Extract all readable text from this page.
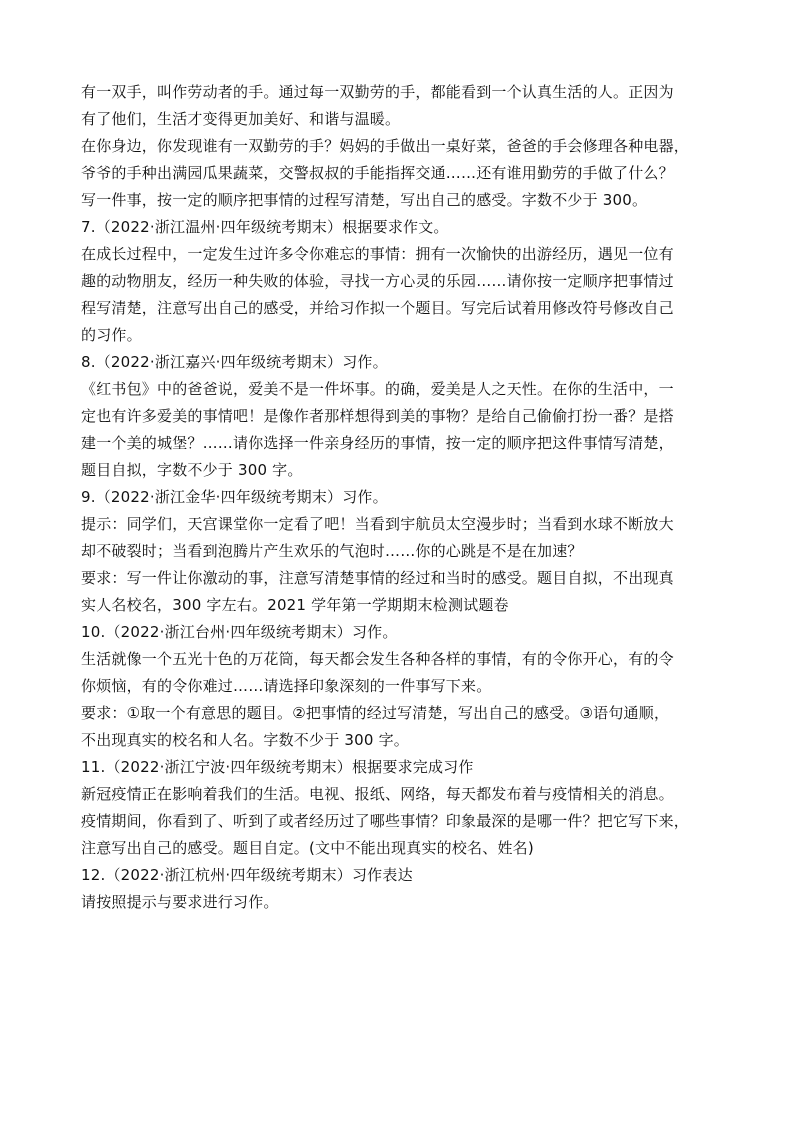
有一双手，叫作劳动者的手。通过每一双勤劳的手，都能看到一个认真生活的人。正因为
有了他们，生活才变得更加美好、和谐与温暖。
在你身边，你发现谁有一双勤劳的手？妈妈的手做出一桌好菜，爸爸的手会修理各种电器，
爷爷的手种出满园瓜果蔬菜，交警叔叔的手能指挥交通……还有谁用勤劳的手做了什么？
写一件事，按一定的顺序把事情的过程写清楚，写出自己的感受。字数不少于 300。
7.（2022·浙江温州·四年级统考期末）根据要求作文。
在成长过程中，一定发生过许多令你难忘的事情：拥有一次愉快的出游经历，遇见一位有
趣的动物朋友，经历一种失败的体验，寻找一方心灵的乐园……请你按一定顺序把事情过
程写清楚，注意写出自己的感受，并给习作拟一个题目。写完后试着用修改符号修改自己
的习作。
8.（2022·浙江嘉兴·四年级统考期末）习作。
《红书包》中的爸爸说，爱美不是一件坏事。的确，爱美是人之天性。在你的生活中，一
定也有许多爱美的事情吧！是像作者那样想得到美的事物？是给自己偷偷打扮一番？是搭
建一个美的城堡？……请你选择一件亲身经历的事情，按一定的顺序把这件事情写清楚，
题目自拟，字数不少于 300 字。
9.（2022·浙江金华·四年级统考期末）习作。
提示：同学们，天宫课堂你一定看了吧！当看到宇航员太空漫步时；当看到水球不断放大
却不破裂时；当看到泡腾片产生欢乐的气泡时……你的心跳是不是在加速？
要求：写一件让你激动的事，注意写清楚事情的经过和当时的感受。题目自拟，不出现真
实人名校名，300 字左右。2021 学年第一学期期末检测试题卷
10.（2022·浙江台州·四年级统考期末）习作。
生活就像一个五光十色的万花筒，每天都会发生各种各样的事情，有的令你开心，有的令
你烦恼，有的令你难过……请选择印象深刻的一件事写下来。
要求：①取一个有意思的题目。②把事情的经过写清楚，写出自己的感受。③语句通顺，
不出现真实的校名和人名。字数不少于 300 字。
11.（2022·浙江宁波·四年级统考期末）根据要求完成习作
新冠疫情正在影响着我们的生活。电视、报纸、网络，每天都发布着与疫情相关的消息。
疫情期间，你看到了、听到了或者经历过了哪些事情？印象最深的是哪一件？把它写下来，
注意写出自己的感受。题目自定。(文中不能出现真实的校名、姓名)
12.（2022·浙江杭州·四年级统考期末）习作表达
请按照提示与要求进行习作。
